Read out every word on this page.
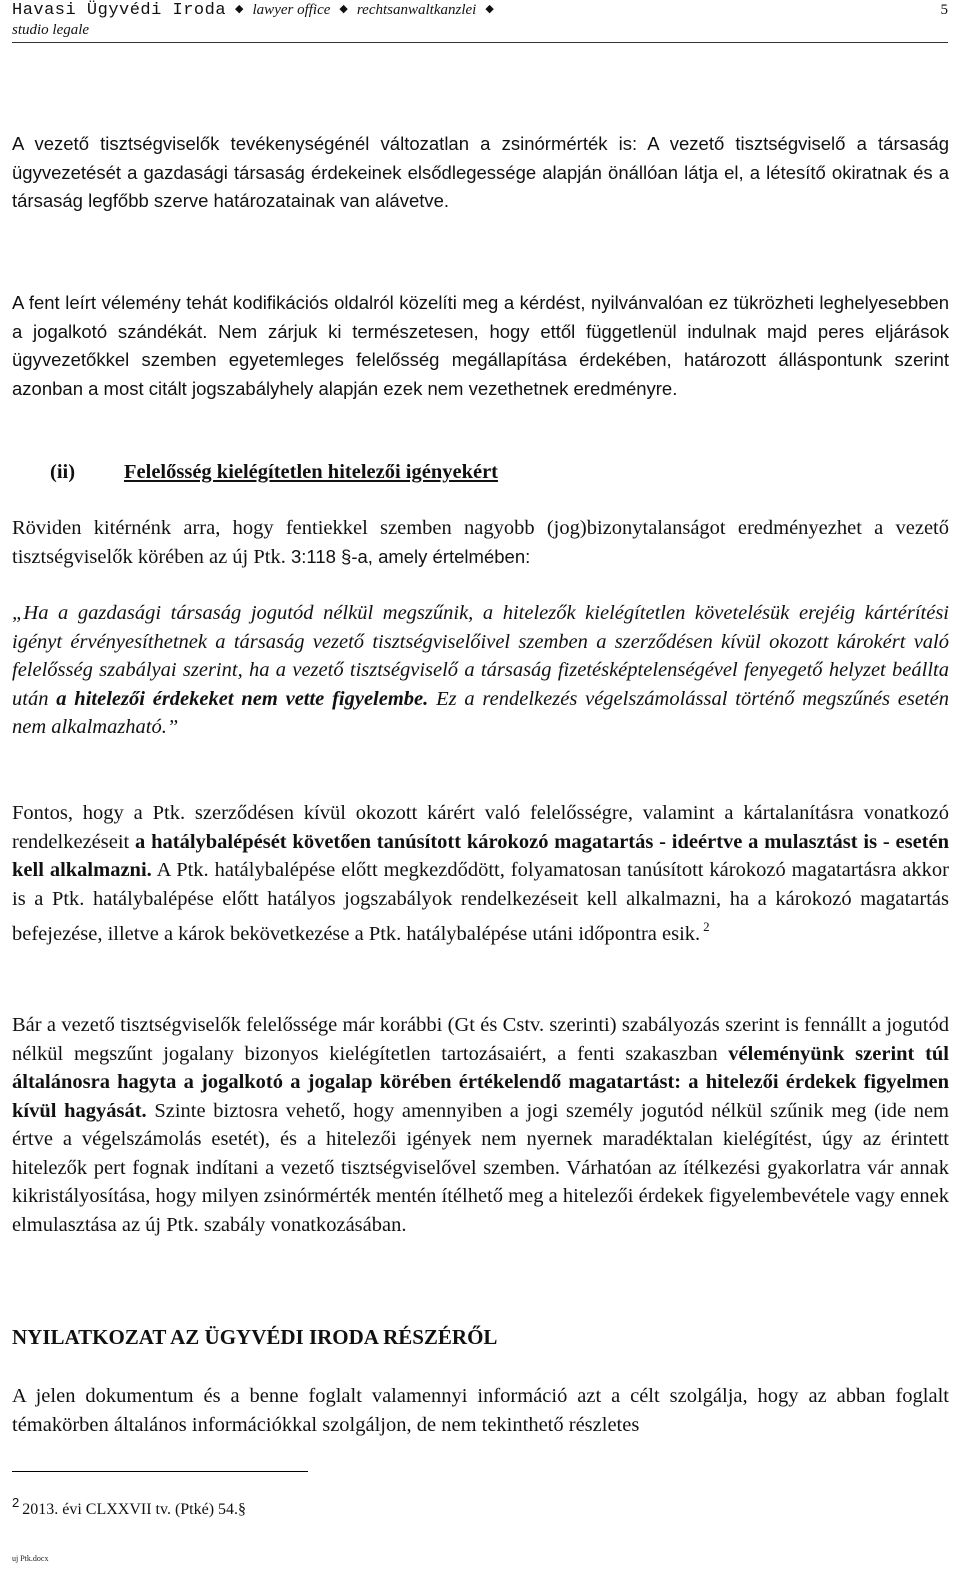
Havasi Ügyvédi Iroda ◆ lawyer office ◆ rechtsanwaltkanzlei ◆
studio legale
5

A vezető tisztségviselők tevékenységénél változatlan a zsinórmérték is: A vezető tisztségviselő a társaság ügyvezetését a gazdasági társaság érdekeinek elsődlegessége alapján önállóan látja el, a létesítő okiratnak és a társaság legfőbb szerve határozatainak van alávetve.

A fent leírt vélemény tehát kodifikációs oldalról közelíti meg a kérdést, nyilvánvalóan ez tükrözheti leghelyesebben a jogalkotó szándékát. Nem zárjuk ki természetesen, hogy ettől függetlenül indulnak majd peres eljárások ügyvezetőkkel szemben egyetemleges felelősség megállapítása érdekében, határozott álláspontunk szerint azonban a most citált jogszabályhely alapján ezek nem vezethetnek eredményre.

(ii) Felelősség kielégítetlen hitelezői igényekért

Röviden kitérnénk arra, hogy fentiekkel szemben nagyobb (jog)bizonytalanságot eredményezhet a vezető tisztségviselők körében az új Ptk. 3:118 §-a, amely értelmében:

„Ha a gazdasági társaság jogutód nélkül megszűnik, a hitelezők kielégítetlen követelésük erejéig kártérítési igényt érvényesíthetnek a társaság vezető tisztségviselőivel szemben a szerződésen kívül okozott károkért való felelősség szabályai szerint, ha a vezető tisztségviselő a társaság fizetésképtelenségével fenyegető helyzet beállta után a hitelezői érdekeket nem vette figyelembe. Ez a rendelkezés végelszámolással történő megszűnés esetén nem alkalmazható.”

Fontos, hogy a Ptk. szerződésen kívül okozott kárért való felelősségre, valamint a kártalanításra vonatkozó rendelkezéseit a hatálybalépését követően tanúsított károkozó magatartás - ideértve a mulasztást is - esetén kell alkalmazni. A Ptk. hatálybalépése előtt megkezdődött, folyamatosan tanúsított károkozó magatartásra akkor is a Ptk. hatálybalépése előtt hatályos jogszabályok rendelkezéseit kell alkalmazni, ha a károkozó magatartás befejezése, illetve a károk bekövetkezése a Ptk. hatálybalépése utáni időpontra esik. $^2$

Bár a vezető tisztségviselők felelőssége már korábbi (Gt és Cstv. szerinti) szabályozás szerint is fennállt a jogutód nélkül megszűnt jogalany bizonyos kielégítetlen tartozásaiért, a fenti szakaszban véleményünk szerint túl általánosra hagyta a jogalkotó a jogalap körében értékelendő magatartást: a hitelezői érdekek figyelmen kívül hagyását. Szinte biztosra vehető, hogy amennyiben a jogi személy jogutód nélkül szűnik meg (ide nem értve a végelszámolás esetét), és a hitelezői igények nem nyernek maradéktalan kielégítést, úgy az érintett hitelezők pert fognak indítani a vezető tisztségviselővel szemben. Várhatóan az ítélkezési gyakorlatra vár annak kikristályosítása, hogy milyen zsinórmérték mentén ítélhető meg a hitelezői érdekek figyelembevétele vagy ennek elmulasztása az új Ptk. szabály vonatkozásában.

NYILATKOZAT AZ ÜGYVÉDI IRODA RÉSZÉRŐL

A jelen dokumentum és a benne foglalt valamennyi információ azt a célt szolgálja, hogy az abban foglalt témakörben általános információkkal szolgáljon, de nem tekinthető részletes

$^2$ 2013. évi CLXXVII tv. (Ptké) 54.§
uj Ptk.docx
